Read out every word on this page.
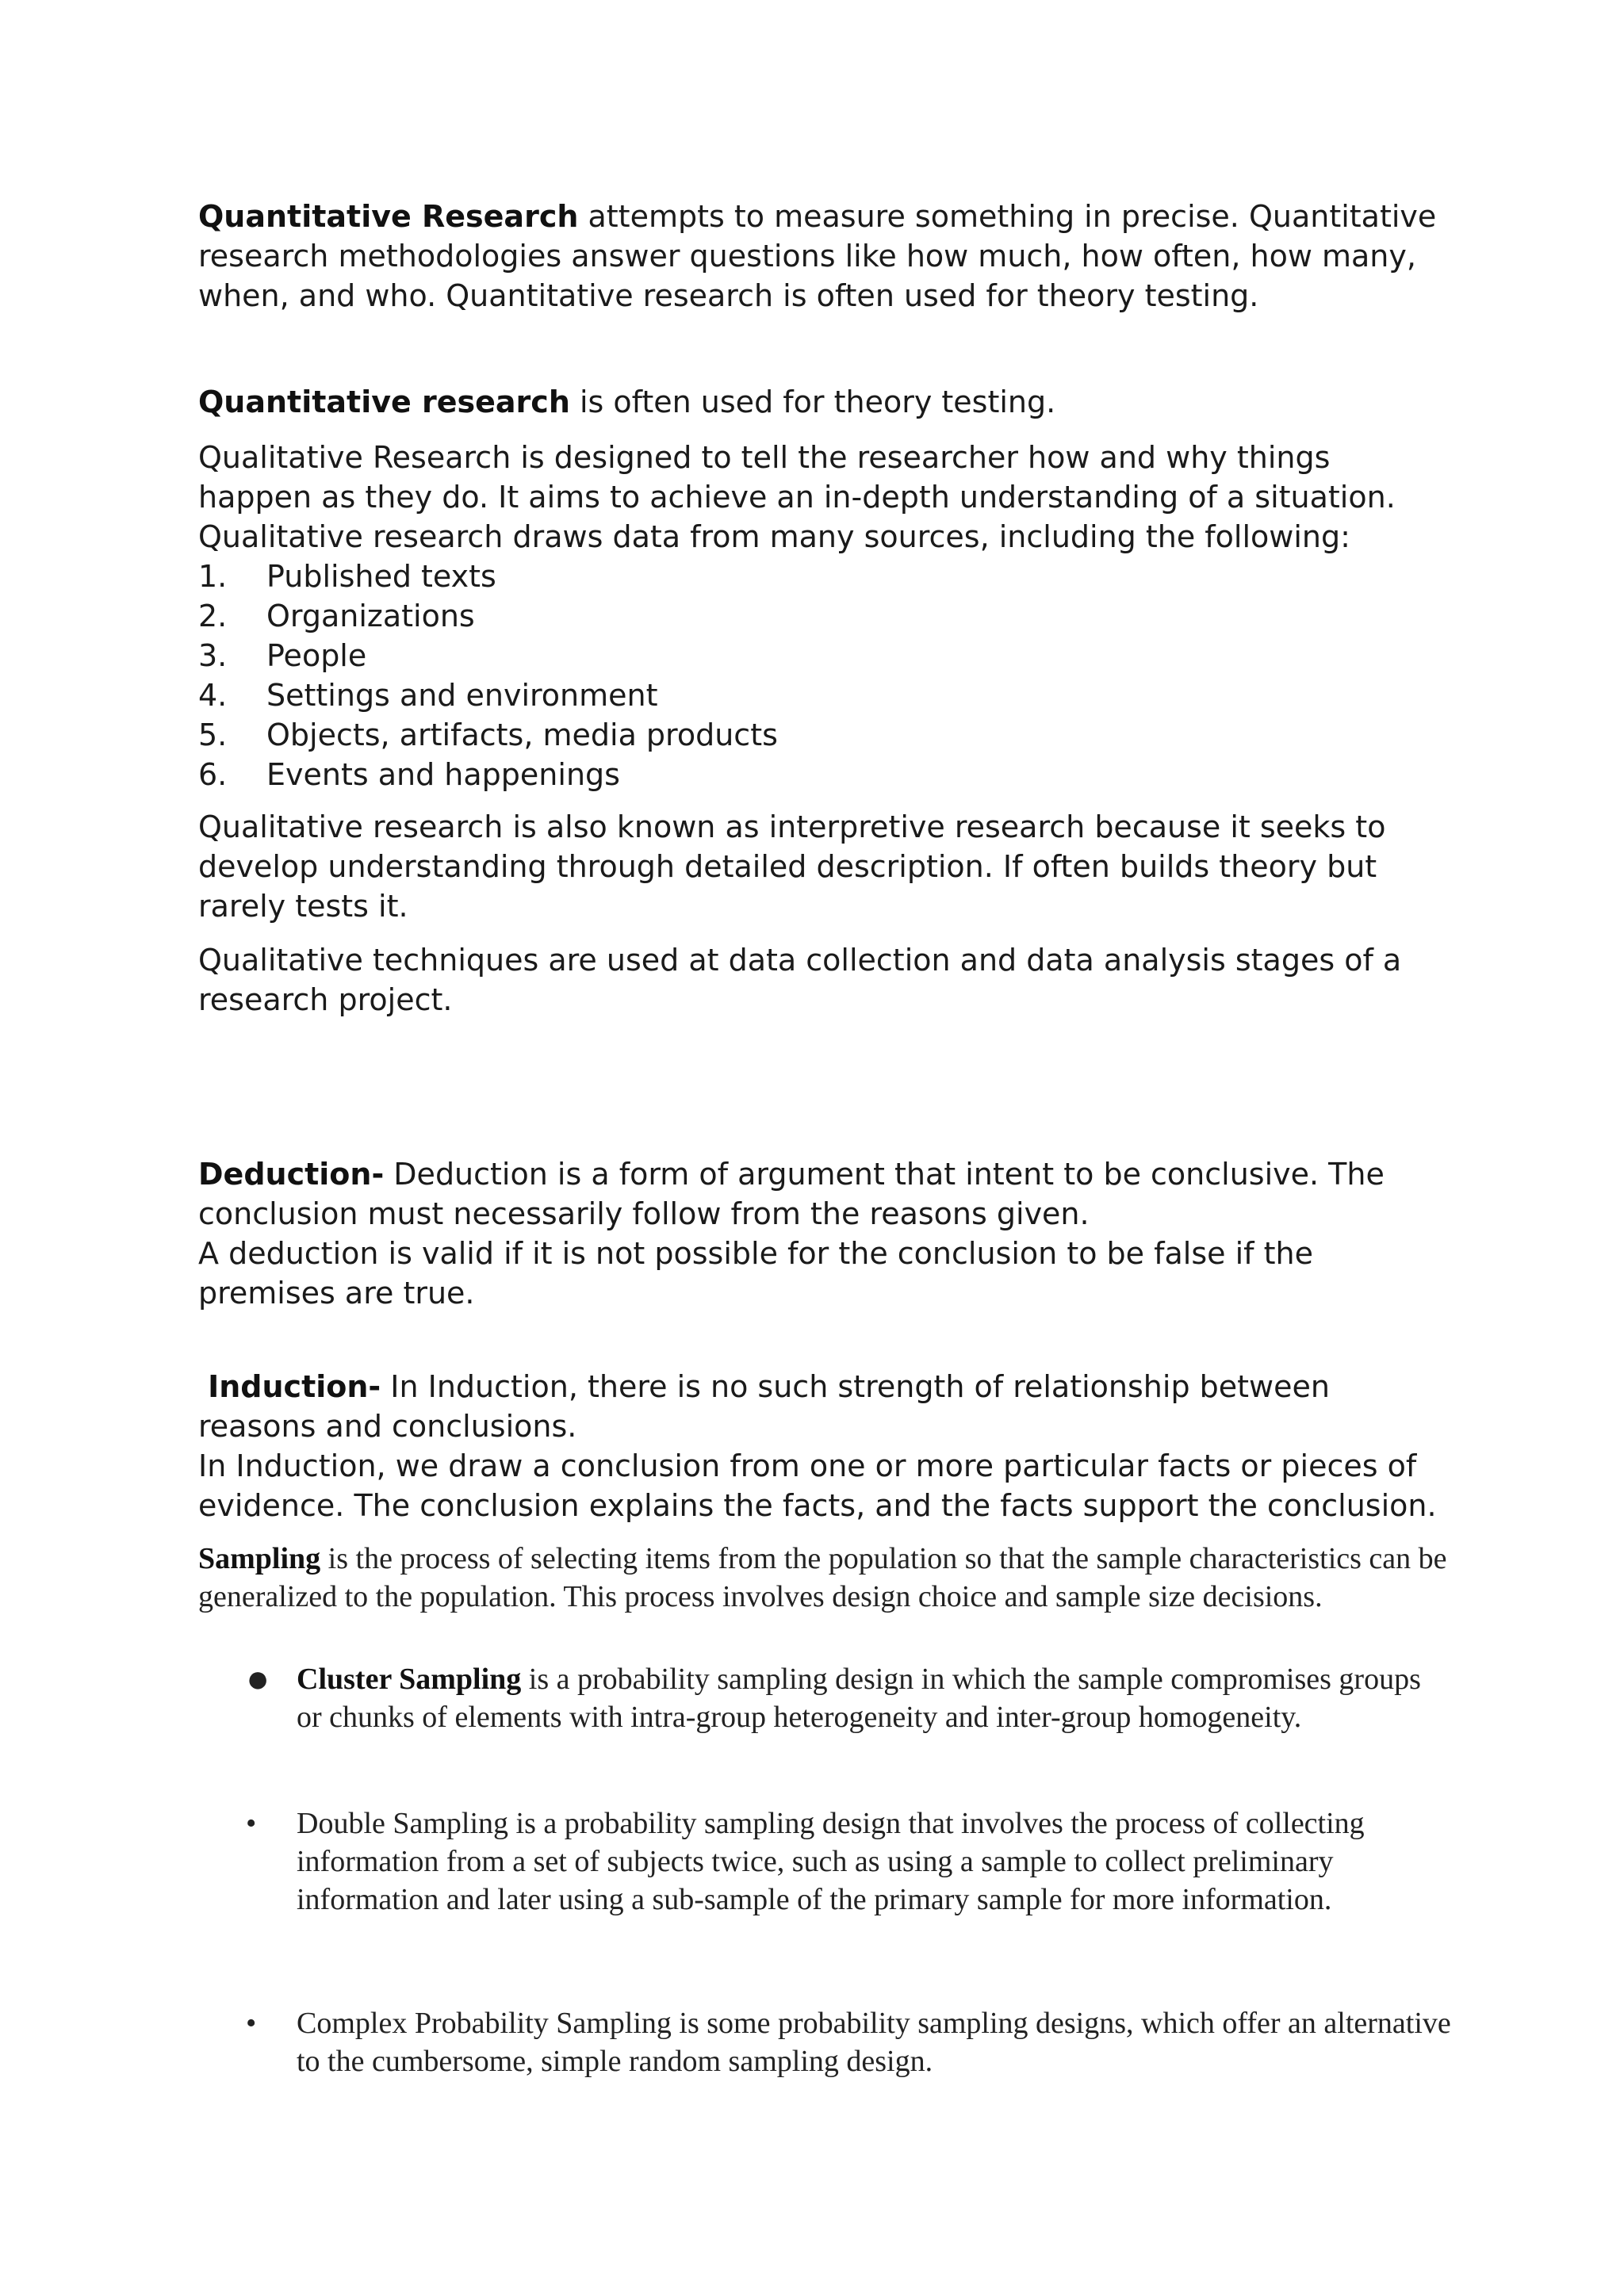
Quantitative Research attempts to measure something in precise. Quantitative research methodologies answer questions like how much, how often, how many, when, and who. Quantitative research is often used for theory testing.

Quantitative research is often used for theory testing.

Qualitative Research is designed to tell the researcher how and why things happen as they do. It aims to achieve an in-depth understanding of a situation.

Qualitative research draws data from many sources, including the following:

1.	Published texts
2.	Organizations
3.	People
4.	Settings and environment
5.	Objects, artifacts, media products
6.	Events and happenings

Qualitative research is also known as interpretive research because it seeks to develop understanding through detailed description. If often builds theory but rarely tests it.

Qualitative techniques are used at data collection and data analysis stages of a research project.

Deduction- Deduction is a form of argument that intent to be conclusive. The conclusion must necessarily follow from the reasons given.
A deduction is valid if it is not possible for the conclusion to be false if the premises are true.

Induction- In Induction, there is no such strength of relationship between reasons and conclusions.
In Induction, we draw a conclusion from one or more particular facts or pieces of evidence. The conclusion explains the facts, and the facts support the conclusion.

Sampling is the process of selecting items from the population so that the sample characteristics can be generalized to the population. This process involves design choice and sample size decisions.

● Cluster Sampling is a probability sampling design in which the sample compromises groups or chunks of elements with intra-group heterogeneity and inter-group homogeneity.
•	Double Sampling is a probability sampling design that involves the process of collecting information from a set of subjects twice, such as using a sample to collect preliminary information and later using a sub-sample of the primary sample for more information.
•	Complex Probability Sampling is some probability sampling designs, which offer an alternative to the cumbersome, simple random sampling design.
